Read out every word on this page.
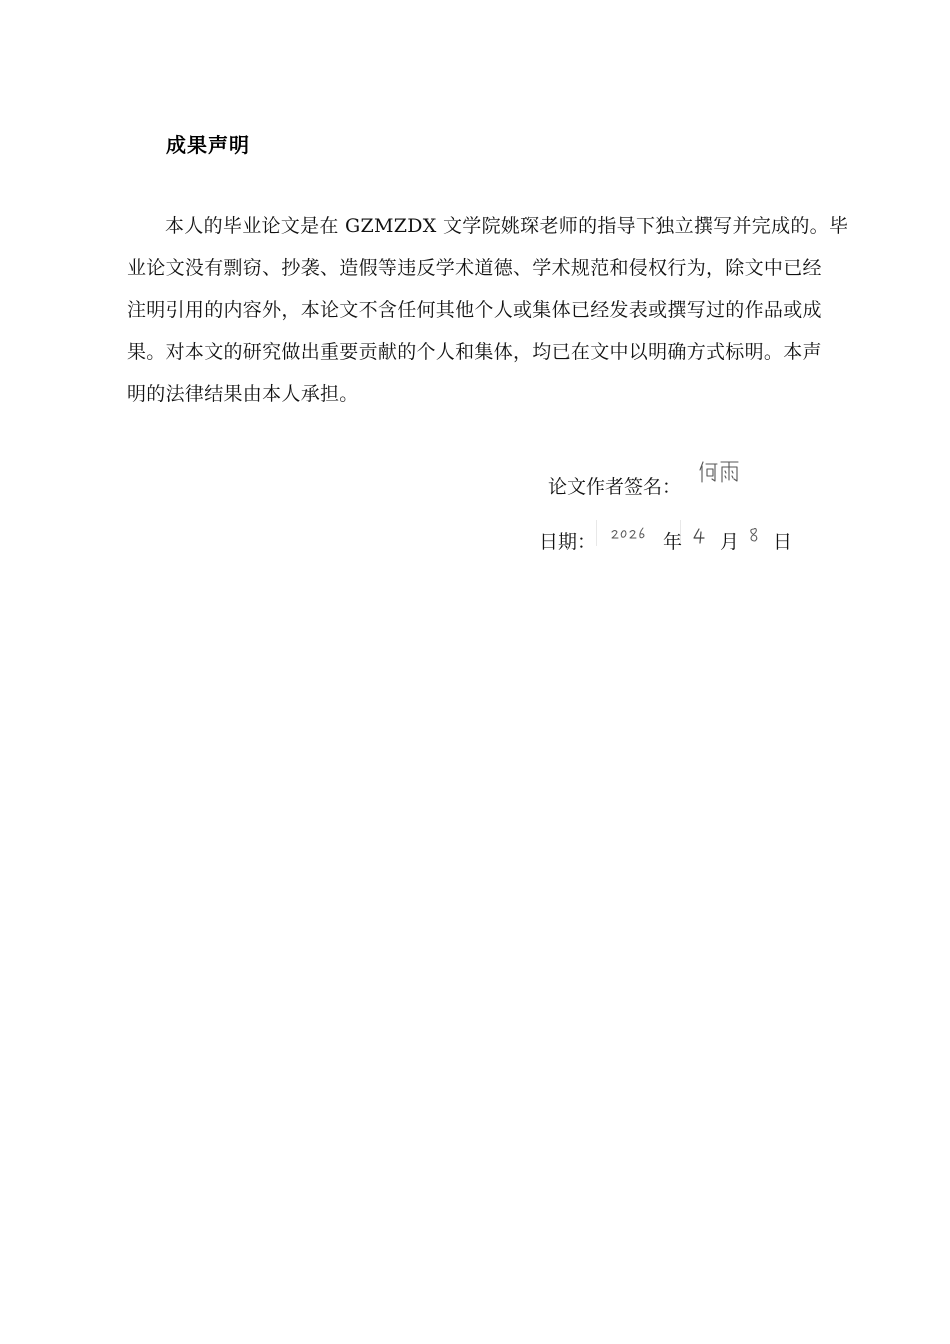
成果声明
本人的毕业论文是在 GZMZDX 文学院姚琛老师的指导下独立撰写并完成的。毕
业论文没有剽窃、抄袭、造假等违反学术道德、学术规范和侵权行为，除文中已经
注明引用的内容外，本论文不含任何其他个人或集体已经发表或撰写过的作品或成
果。对本文的研究做出重要贡献的个人和集体，均已在文中以明确方式标明。本声
明的法律结果由本人承担。
论文作者签名：
日期：	年 月 日
